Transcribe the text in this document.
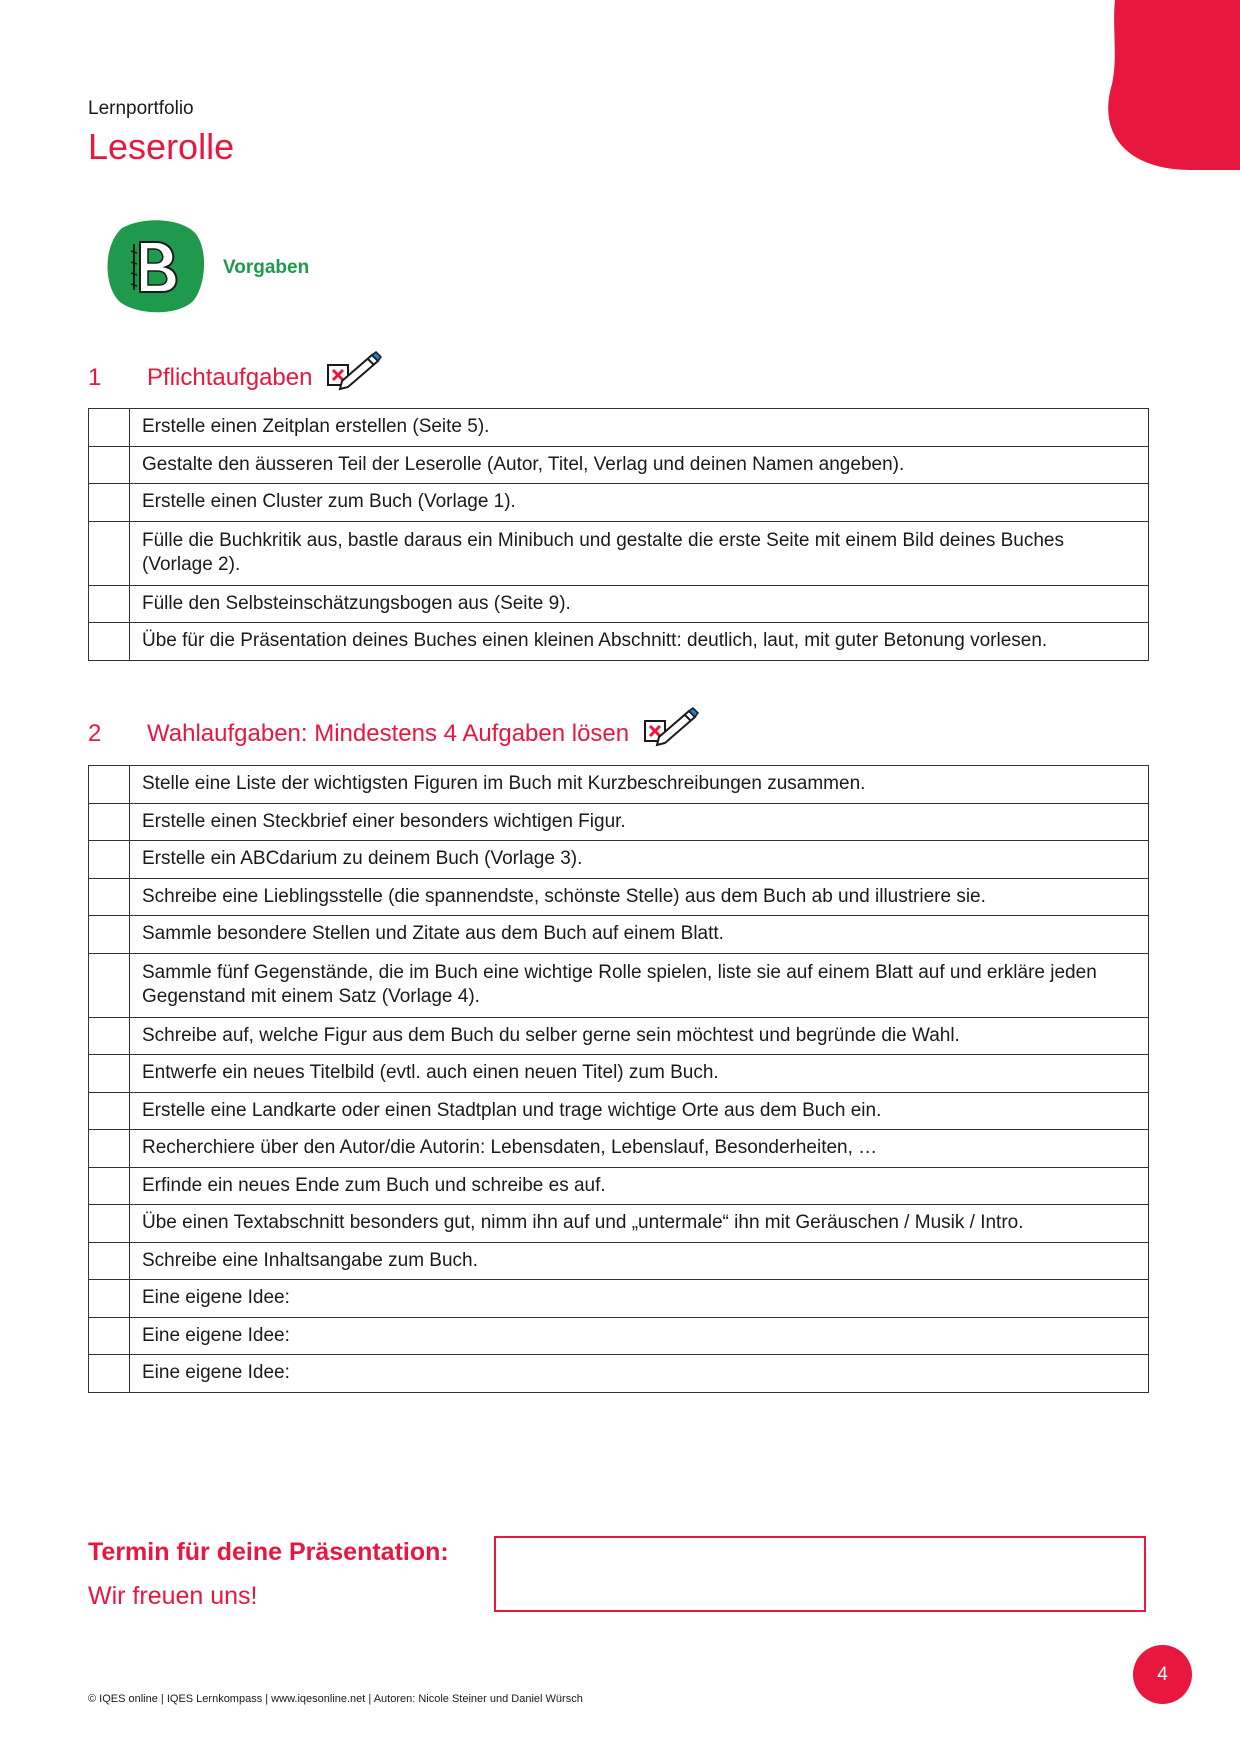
Lernportfolio
Leserolle
Vorgaben
1	Pflichtaufgaben
	Erstelle einen Zeitplan erstellen (Seite 5).
	Gestalte den äusseren Teil der Leserolle (Autor, Titel, Verlag und deinen Namen angeben).
	Erstelle einen Cluster zum Buch (Vorlage 1).
	Fülle die Buchkritik aus, bastle daraus ein Minibuch und gestalte die erste Seite mit einem Bild deines Buches (Vorlage 2).
	Fülle den Selbsteinschätzungsbogen aus (Seite 9).
	Übe für die Präsentation deines Buches einen kleinen Abschnitt: deutlich, laut, mit guter Betonung vorlesen.
2	Wahlaufgaben: Mindestens 4 Aufgaben lösen
	Stelle eine Liste der wichtigsten Figuren im Buch mit Kurzbeschreibungen zusammen.
	Erstelle einen Steckbrief einer besonders wichtigen Figur.
	Erstelle ein ABCdarium zu deinem Buch (Vorlage 3).
	Schreibe eine Lieblingsstelle (die spannendste, schönste Stelle) aus dem Buch ab und illustriere sie.
	Sammle besondere Stellen und Zitate aus dem Buch auf einem Blatt.
	Sammle fünf Gegenstände, die im Buch eine wichtige Rolle spielen, liste sie auf einem Blatt auf und erkläre jeden Gegenstand mit einem Satz (Vorlage 4).
	Schreibe auf, welche Figur aus dem Buch du selber gerne sein möchtest und begründe die Wahl.
	Entwerfe ein neues Titelbild (evtl. auch einen neuen Titel) zum Buch.
	Erstelle eine Landkarte oder einen Stadtplan und trage wichtige Orte aus dem Buch ein.
	Recherchiere über den Autor/die Autorin: Lebensdaten, Lebenslauf, Besonderheiten, …
	Erfinde ein neues Ende zum Buch und schreibe es auf.
	Übe einen Textabschnitt besonders gut, nimm ihn auf und „untermale“ ihn mit Geräuschen / Musik / Intro.
	Schreibe eine Inhaltsangabe zum Buch.
	Eine eigene Idee:
	Eine eigene Idee:
	Eine eigene Idee:
Termin für deine Präsentation:
Wir freuen uns!
4
© IQES online | IQES Lernkompass | www.iqesonline.net | Autoren: Nicole Steiner und Daniel Würsch
